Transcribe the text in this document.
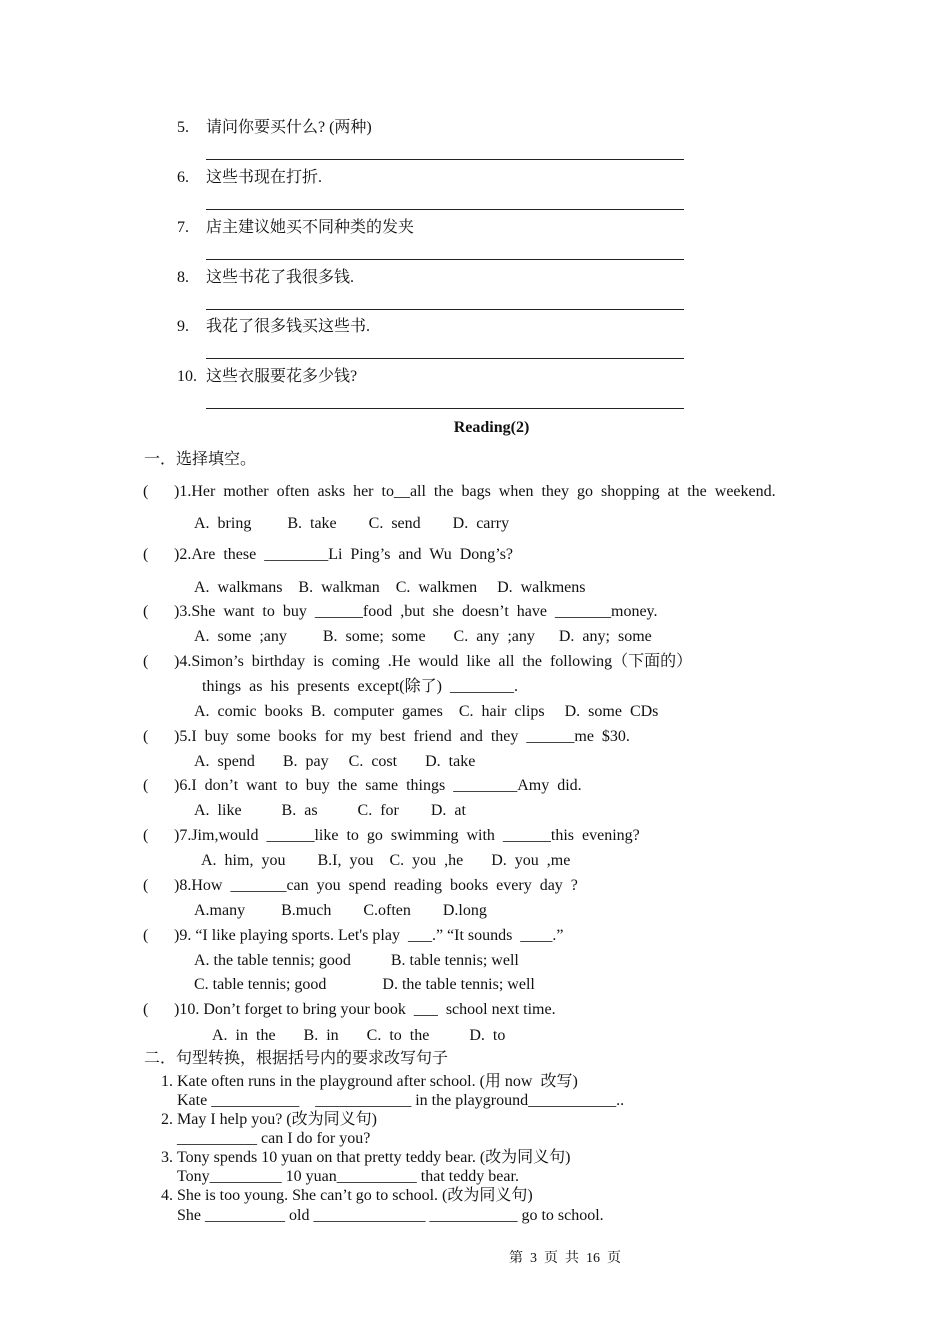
5. 请问你要买什么? (两种)
6. 这些书现在打折.
7. 店主建议她买不同种类的发夹
8. 这些书花了我很多钱.
9. 我花了很多钱买这些书.
10. 这些衣服要花多少钱?
Reading(2)
一．选择填空。
( )1.Her  mother  often  asks  her  to__all  the  bags  when  they  go  shopping  at  the  weekend.
A.  bring         B.  take        C.  send        D.  carry
( )2.Are  these  ________Li  Ping’s  and  Wu  Dong’s?
A.  walkmans    B.  walkman    C.  walkmen     D.  walkmens
( )3.She  want  to  buy  ______food  ,but  she  doesn’t  have  _______money.
A.  some  ;any         B.  some;  some       C.  any  ;any      D.  any;  some
( )4.Simon’s  birthday  is  coming  .He  would  like  all  the  following（下面的）
things  as  his  presents  except(除了)  ________.
A.  comic  books  B.  computer  games    C.  hair  clips     D.  some  CDs
( )5.I  buy  some  books  for  my  best  friend  and  they  ______me  $30.
A.  spend       B.  pay     C.  cost       D.  take
( )6.I  don’t  want  to  buy  the  same  things  ________Amy  did.
A.  like          B.  as          C.  for        D.  at
( )7.Jim,would  ______like  to  go  swimming  with  ______this  evening?
A.  him,  you        B.I,  you    C.  you  ,he       D.  you  ,me
( )8.How  _______can  you  spend  reading  books  every  day  ?
A.many         B.much        C.often        D.long
( )9. “I like playing sports. Let's play  ___.” “It sounds  ____.”
A. the table tennis; good          B. table tennis; well
C. table tennis; good              D. the table tennis; well
( )10. Don’t forget to bring your book  ___  school next time.
A.  in  the       B.  in       C.  to  the          D.  to
二．句型转换，根据括号内的要求改写句子
1. Kate often runs in the playground after school. (用 now  改写)
Kate ___________    ____________ in the playground___________..
2. May I help you? (改为同义句)
__________ can I do for you?
3. Tony spends 10 yuan on that pretty teddy bear. (改为同义句)
Tony_________ 10 yuan__________ that teddy bear.
4. She is too young. She can’t go to school. (改为同义句)
She __________ old ______________ ___________ go to school.
第  3  页  共  16  页
